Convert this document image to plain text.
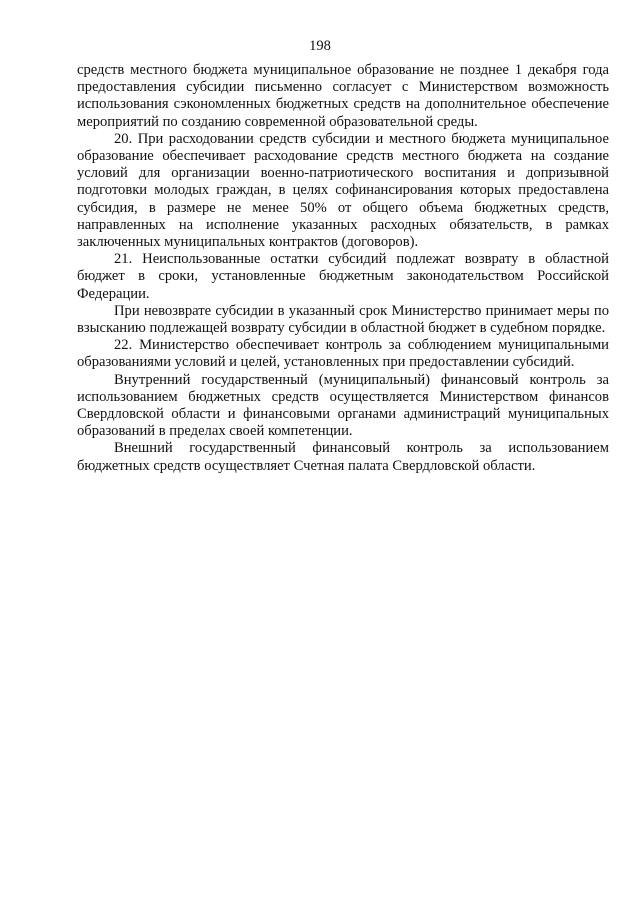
198

средств местного бюджета муниципальное образование не позднее 1 декабря года предоставления субсидии письменно согласует с Министерством возможность использования сэкономленных бюджетных средств на дополнительное обеспечение мероприятий по созданию современной образовательной среды.

20. При расходовании средств субсидии и местного бюджета муниципальное образование обеспечивает расходование средств местного бюджета на создание условий для организации военно-патриотического воспитания и допризывной подготовки молодых граждан, в целях софинансирования которых предоставлена субсидия, в размере не менее 50% от общего объема бюджетных средств, направленных на исполнение указанных расходных обязательств, в рамках заключенных муниципальных контрактов (договоров).

21. Неиспользованные остатки субсидий подлежат возврату в областной бюджет в сроки, установленные бюджетным законодательством Российской Федерации.

При невозврате субсидии в указанный срок Министерство принимает меры по взысканию подлежащей возврату субсидии в областной бюджет в судебном порядке.

22. Министерство обеспечивает контроль за соблюдением муниципальными образованиями условий и целей, установленных при предоставлении субсидий.

Внутренний государственный (муниципальный) финансовый контроль за использованием бюджетных средств осуществляется Министерством финансов Свердловской области и финансовыми органами администраций муниципальных образований в пределах своей компетенции.

Внешний государственный финансовый контроль за использованием бюджетных средств осуществляет Счетная палата Свердловской области.
